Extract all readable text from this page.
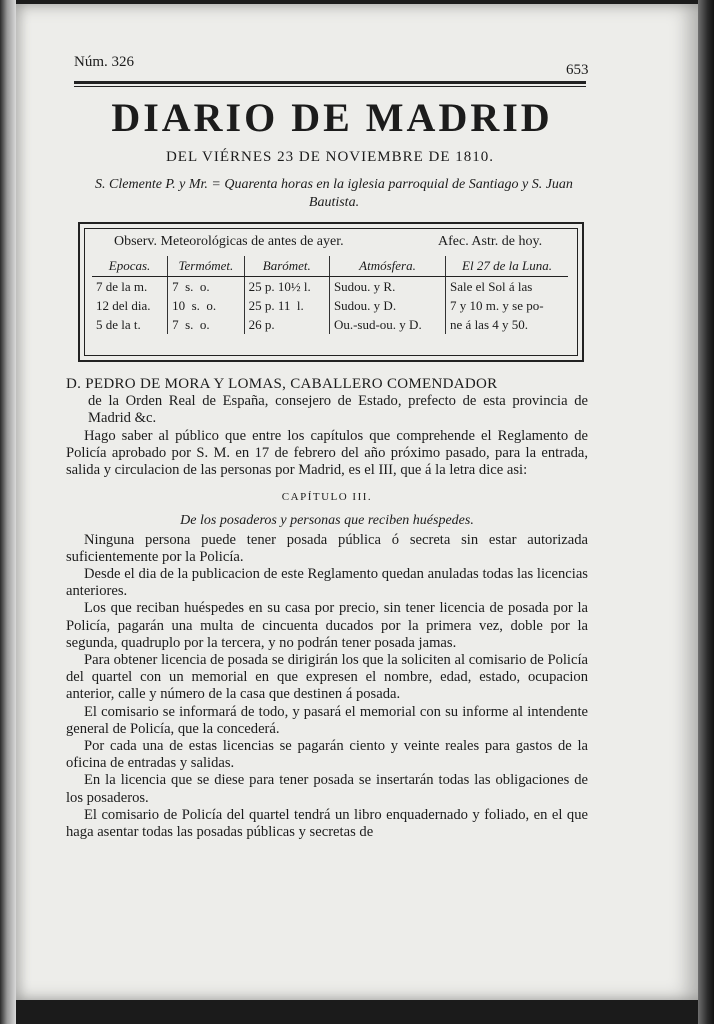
Núm. 326	653
DIARIO DE MADRID
DEL VIÉRNES 23 DE NOVIEMBRE DE 1810.
S. Clemente P. y Mr. = Quarenta horas en la iglesia parroquial de Santiago y S. Juan Bautista.
Observ. Meteorológicas de antes de ayer.	Afec. Astr. de hoy.
Epocas.	Termómet.	Barómet.	Atmósfera.	El 27 de la Luna.
7 de la m.	7  s.  o.	25 p. 10½ l.	Sudou. y R.	Sale el Sol á las
12 del dia.	10  s.  o.	25 p. 11  l.	Sudou. y D.	7 y 10 m. y se po-
5 de la t.	7  s.  o.	26 p.	Ou.-sud-ou. y D.	ne á las 4 y 50.

D. PEDRO DE MORA Y LOMAS, CABALLERO COMENDADOR

de la Orden Real de España, consejero de Estado, prefecto de esta provincia de Madrid &c.

Hago saber al público que entre los capítulos que comprehende el Reglamento de Policía aprobado por S. M. en 17 de febrero del año próximo pasado, para la entrada, salida y circulacion de las personas por Madrid, es el III, que á la letra dice asi:

CAPÍTULO III.
De los posaderos y personas que reciben huéspedes.

Ninguna persona puede tener posada pública ó secreta sin estar autorizada suficientemente por la Policía.

Desde el dia de la publicacion de este Reglamento quedan anuladas todas las licencias anteriores.

Los que reciban huéspedes en su casa por precio, sin tener licencia de posada por la Policía, pagarán una multa de cincuenta ducados por la primera vez, doble por la segunda, quadruplo por la tercera, y no podrán tener posada jamas.

Para obtener licencia de posada se dirigirán los que la soliciten al comisario de Policía del quartel con un memorial en que expresen el nombre, edad, estado, ocupacion anterior, calle y número de la casa que destinen á posada.

El comisario se informará de todo, y pasará el memorial con su informe al intendente general de Policía, que la concederá.

Por cada una de estas licencias se pagarán ciento y veinte reales para gastos de la oficina de entradas y salidas.

En la licencia que se diese para tener posada se insertarán todas las obligaciones de los posaderos.

El comisario de Policía del quartel tendrá un libro enquadernado y foliado, en el que haga asentar todas las posadas públicas y secretas de
